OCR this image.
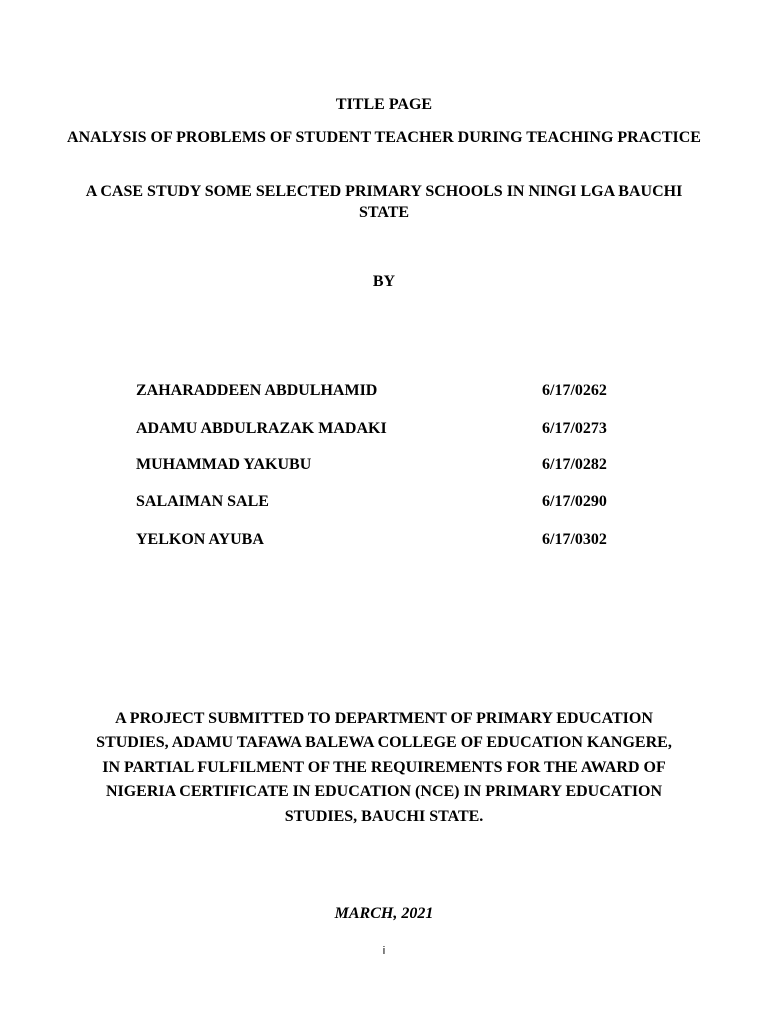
TITLE PAGE
ANALYSIS OF PROBLEMS OF STUDENT TEACHER DURING TEACHING PRACTICE
A CASE STUDY SOME SELECTED PRIMARY SCHOOLS IN NINGI LGA BAUCHI STATE
BY
ZAHARADDEEN ABDULHAMID	6/17/0262
ADAMU ABDULRAZAK MADAKI	6/17/0273
MUHAMMAD YAKUBU	6/17/0282
SALAIMAN SALE	6/17/0290
YELKON AYUBA	6/17/0302
A PROJECT SUBMITTED TO DEPARTMENT OF PRIMARY EDUCATION STUDIES, ADAMU TAFAWA BALEWA COLLEGE OF EDUCATION KANGERE, IN PARTIAL FULFILMENT OF THE REQUIREMENTS FOR THE AWARD OF NIGERIA CERTIFICATE IN EDUCATION (NCE) IN PRIMARY EDUCATION STUDIES, BAUCHI STATE.
MARCH, 2021
i
